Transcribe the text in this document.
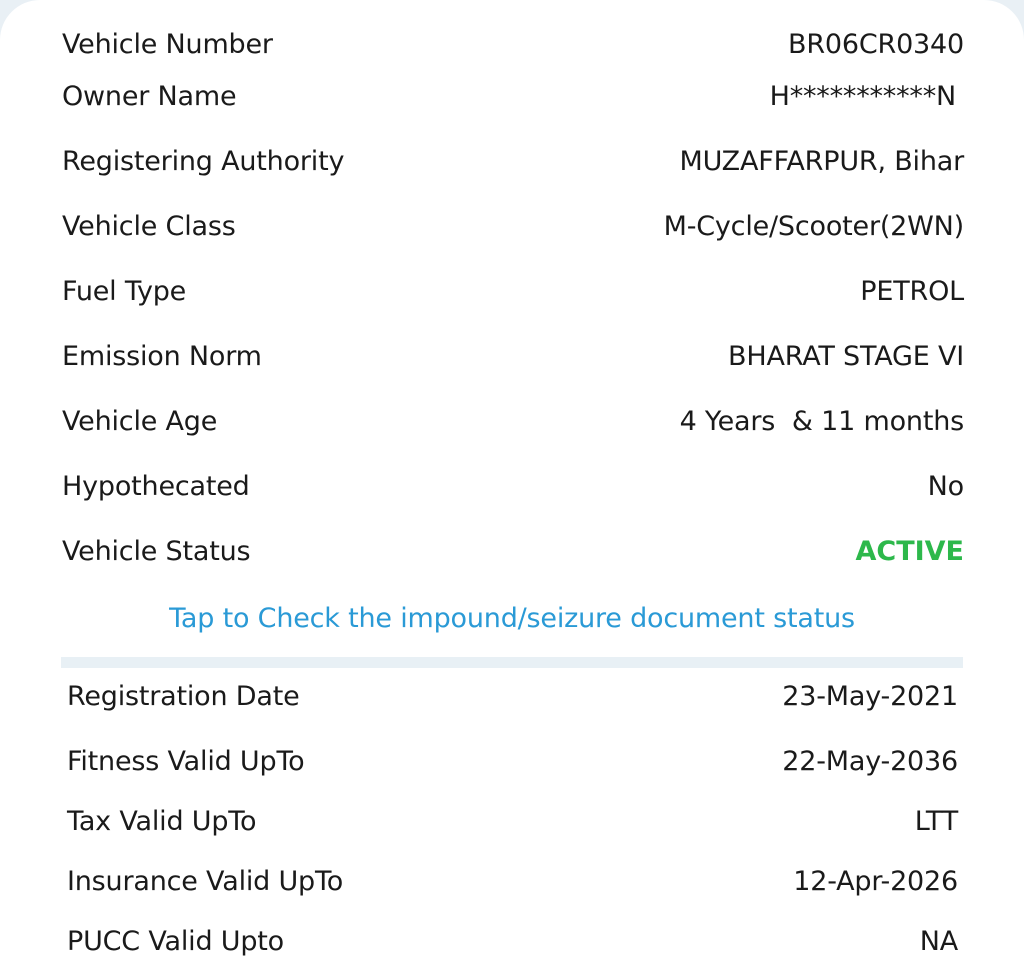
Vehicle Number	BR06CR0340
Owner Name	H***********N
Registering Authority	MUZAFFARPUR, Bihar
Vehicle Class	M-Cycle/Scooter(2WN)
Fuel Type	PETROL
Emission Norm	BHARAT STAGE VI
Vehicle Age	4 Years  & 11 months
Hypothecated	No
Vehicle Status	ACTIVE
Tap to Check the impound/seizure document status
Registration Date	23-May-2021
Fitness Valid UpTo	22-May-2036
Tax Valid UpTo	LTT
Insurance Valid UpTo	12-Apr-2026
PUCC Valid Upto	NA
